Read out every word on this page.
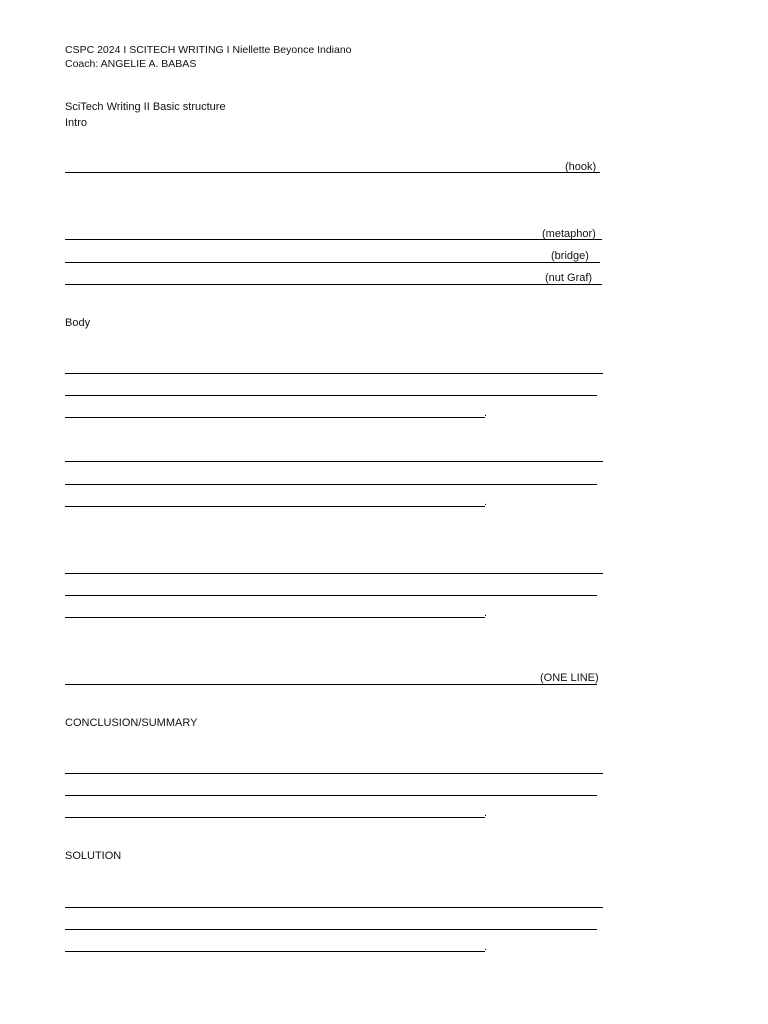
CSPC 2024 I SCITECH WRITING I Niellette Beyonce Indiano
Coach: ANGELIE A. BABAS
SciTech Writing II Basic structure
Intro
(hook)
(metaphor)
(bridge)
(nut Graf)
Body
.
.
.
(ONE LINE)
CONCLUSION/SUMMARY
.
SOLUTION
.
